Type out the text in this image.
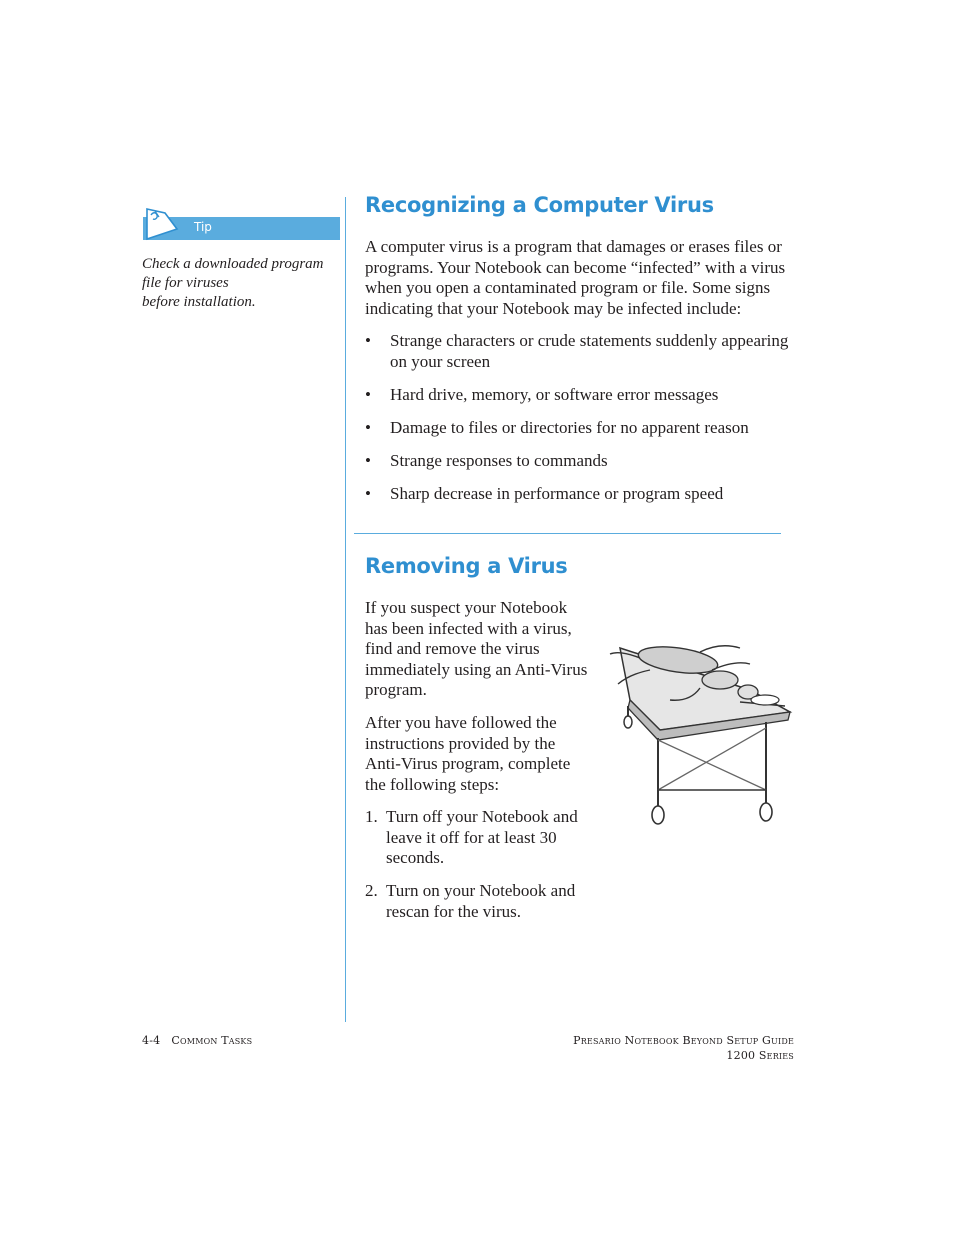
Tip
Check a downloaded program
file for viruses
before installation.
Recognizing a Computer Virus

A computer virus is a program that damages or erases files or
programs. Your Notebook can become “infected” with a virus
when you open a contaminated program or file. Some signs
indicating that your Notebook may be infected include:

• Strange characters or crude statements suddenly appearing
on your screen
• Hard drive, memory, or software error messages
• Damage to files or directories for no apparent reason
• Strange responses to commands
• Sharp decrease in performance or program speed
Removing a Virus

If you suspect your Notebook
has been infected with a virus,
find and remove the virus
immediately using an Anti-Virus
program.

After you have followed the
instructions provided by the
Anti-Virus program, complete
the following steps:

1. Turn off your Notebook and
leave it off for at least 30
seconds.
2. Turn on your Notebook and
rescan for the virus.
4-4 Common Tasks	Presario Notebook Beyond Setup Guide
1200 Series
